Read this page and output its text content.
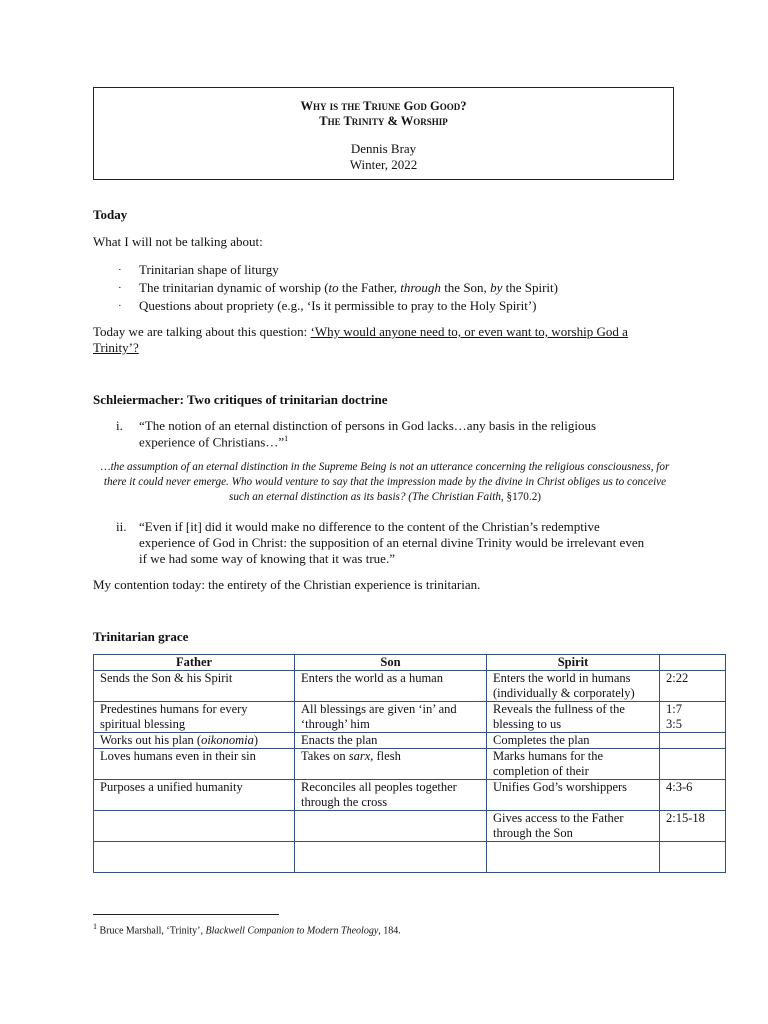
Why is the Triune God Good?
The Trinity & Worship
Dennis Bray
Winter, 2022
Today
What I will not be talking about:
· Trinitarian shape of liturgy
· The trinitarian dynamic of worship (to the Father, through the Son, by the Spirit)
· Questions about propriety (e.g., ‘Is it permissible to pray to the Holy Spirit’)
Today we are talking about this question: ‘Why would anyone need to, or even want to, worship God a
Trinity’?
Schleiermacher: Two critiques of trinitarian doctrine
i. “The notion of an eternal distinction of persons in God lacks…any basis in the religious
experience of Christians…”$^1$
…the assumption of an eternal distinction in the Supreme Being is not an utterance concerning the religious consciousness, for
there it could never emerge. Who would venture to say that the impression made by the divine in Christ obliges us to conceive
such an eternal distinction as its basis? (The Christian Faith, §170.2)
ii. “Even if [it] did it would make no difference to the content of the Christian’s redemptive
experience of God in Christ: the supposition of an eternal divine Trinity would be irrelevant even
if we had some way of knowing that it was true.”
My contention today: the entirety of the Christian experience is trinitarian.
Trinitarian grace
Father	Son	Spirit	
Sends the Son & his Spirit	Enters the world as a human	Enters the world in humans (individually & corporately)	2:22
Predestines humans for every spiritual blessing	All blessings are given ‘in’ and ‘through’ him	Reveals the fullness of the blessing to us	1:7
3:5
Works out his plan (oikonomia)	Enacts the plan	Completes the plan	
Loves humans even in their sin	Takes on sarx, flesh	Marks humans for the completion of their	
Purposes a unified humanity	Reconciles all peoples together through the cross	Unifies God’s worshippers	4:3-6
		Gives access to the Father through the Son	2:15-18

$^1$ Bruce Marshall, ‘Trinity’, Blackwell Companion to Modern Theology, 184.
